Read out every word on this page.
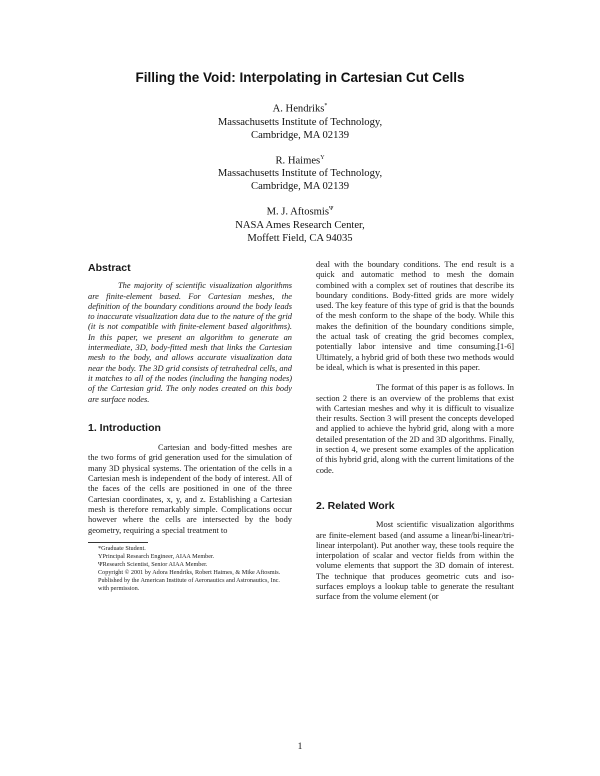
Filling the Void: Interpolating in Cartesian Cut Cells
A. Hendriks*
Massachusetts Institute of Technology,
Cambridge, MA 02139
R. Haimes$^Y$
Massachusetts Institute of Technology,
Cambridge, MA 02139
M. J. Aftosmis$^\Psi$
NASA Ames Research Center,
Moffett Field, CA 94035
Abstract

The majority of scientific visualization algorithms are finite-element based. For Cartesian meshes, the definition of the boundary conditions around the body leads to inaccurate visualization data due to the nature of the grid (it is not compatible with finite-element based algorithms). In this paper, we present an algorithm to generate an intermediate, 3D, body-fitted mesh that links the Cartesian mesh to the body, and allows accurate visualization data near the body. The 3D grid consists of tetrahedral cells, and it matches to all of the nodes (including the hanging nodes) of the Cartesian grid. The only nodes created on this body are surface nodes.

1. Introduction

Cartesian and body-fitted meshes are the two forms of grid generation used for the simulation of many 3D physical systems. The orientation of the cells in a Cartesian mesh is independent of the body of interest. All of the faces of the cells are positioned in one of the three Cartesian coordinates, x, y, and z. Establishing a Cartesian mesh is therefore remarkably simple. Complications occur however where the cells are intersected by the body geometry, requiring a special treatment to

*Graduate Student.
YPrincipal Research Engineer, AIAA Member.
ΨResearch Scientist, Senior AIAA Member.
Copyright © 2001 by Adora Hendriks, Robert Haimes, & Mike Aftosmis. Published by the American Institute of Aeronautics and Astronautics, Inc. with permission.

deal with the boundary conditions. The end result is a quick and automatic method to mesh the domain combined with a complex set of routines that describe its boundary conditions. Body-fitted grids are more widely used. The key feature of this type of grid is that the bounds of the mesh conform to the shape of the body. While this makes the definition of the boundary conditions simple, the actual task of creating the grid becomes complex, potentially labor intensive and time consuming.[1-6] Ultimately, a hybrid grid of both these two methods would be ideal, which is what is presented in this paper.

The format of this paper is as follows. In section 2 there is an overview of the problems that exist with Cartesian meshes and why it is difficult to visualize their results. Section 3 will present the concepts developed and applied to achieve the hybrid grid, along with a more detailed presentation of the 2D and 3D algorithms. Finally, in section 4, we present some examples of the application of this hybrid grid, along with the current limitations of the code.

2. Related Work

Most scientific visualization algorithms are finite-element based (and assume a linear/bi-linear/tri-linear interpolant). Put another way, these tools require the interpolation of scalar and vector fields from within the volume elements that support the 3D domain of interest. The technique that produces geometric cuts and iso-surfaces employs a lookup table to generate the resultant surface from the volume element (or

1
